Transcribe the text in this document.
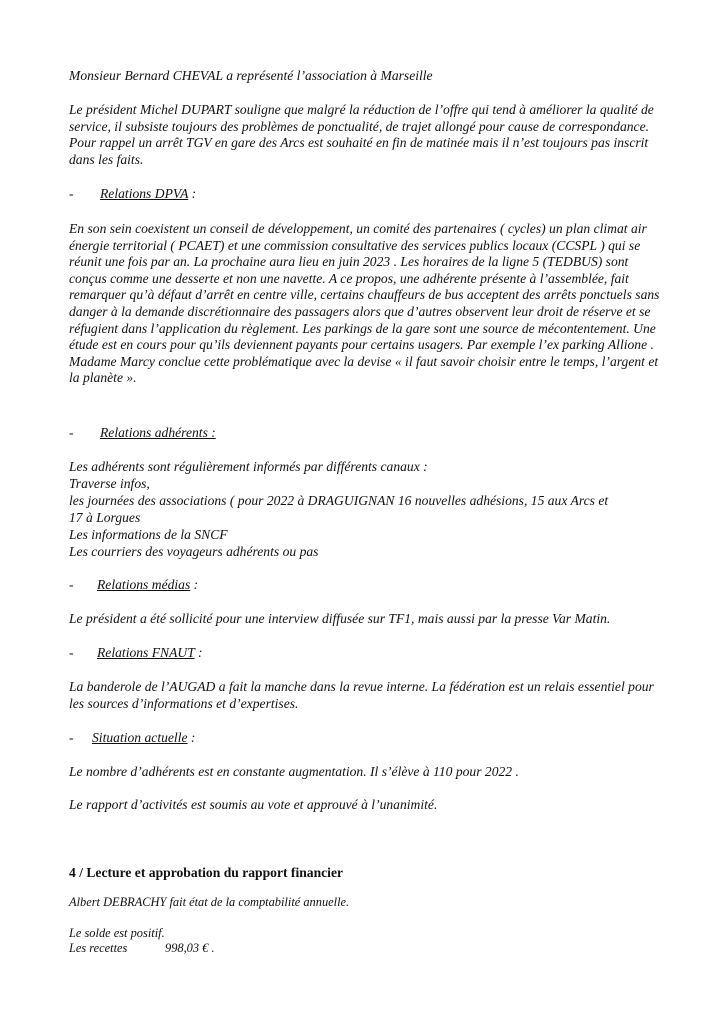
Monsieur Bernard CHEVAL a représenté l’association à Marseille

Le président Michel DUPART souligne que malgré la réduction de l’offre qui tend à améliorer la qualité de service, il subsiste toujours des problèmes de ponctualité, de trajet allongé pour cause de correspondance. Pour rappel un arrêt TGV en gare des Arcs est souhaité en fin de matinée mais il n’est toujours pas inscrit dans les faits.

- Relations DPVA :

En son sein coexistent un conseil de développement, un comité des partenaires ( cycles) un plan climat air énergie territorial ( PCAET) et une commission consultative des services publics locaux (CCSPL ) qui se réunit une fois par an. La prochaine aura lieu en juin 2023 . Les horaires de la ligne 5 (TEDBUS) sont conçus comme une desserte et non une navette. A ce propos, une adhérente présente à l’assemblée, fait remarquer qu’à défaut d’arrêt en centre ville, certains chauffeurs de bus acceptent des arrêts ponctuels sans danger à la demande discrétionnaire des passagers alors que d’autres observent leur droit de réserve et se réfugient dans l’application du règlement. Les parkings de la gare sont une source de mécontentement. Une étude est en cours pour qu’ils deviennent payants pour certains usagers. Par exemple l’ex parking Allione . Madame Marcy conclue cette problématique avec la devise « il faut savoir choisir entre le temps, l’argent et la planète ».

- Relations adhérents :

Les adhérents sont régulièrement informés par différents canaux :

Traverse infos,

les journées des associations ( pour 2022 à DRAGUIGNAN 16 nouvelles adhésions, 15 aux Arcs et

17 à Lorgues

Les informations de la SNCF

Les courriers des voyageurs adhérents ou pas

- Relations médias :

Le président a été sollicité pour une interview diffusée sur TF1, mais aussi par la presse Var Matin.

- Relations FNAUT :

La banderole de l’AUGAD a fait la manche dans la revue interne. La fédération est un relais essentiel pour les sources d’informations et d’expertises.

- Situation actuelle :

Le nombre d’adhérents est en constante augmentation. Il s’élève à 110 pour 2022 .

Le rapport d’activités est soumis au vote et approuvé à l’unanimité.

4 / Lecture et approbation du rapport financier

Albert DEBRACHY fait état de la comptabilité annuelle.

Le solde est positif.

Les recettes	998,03 € .
